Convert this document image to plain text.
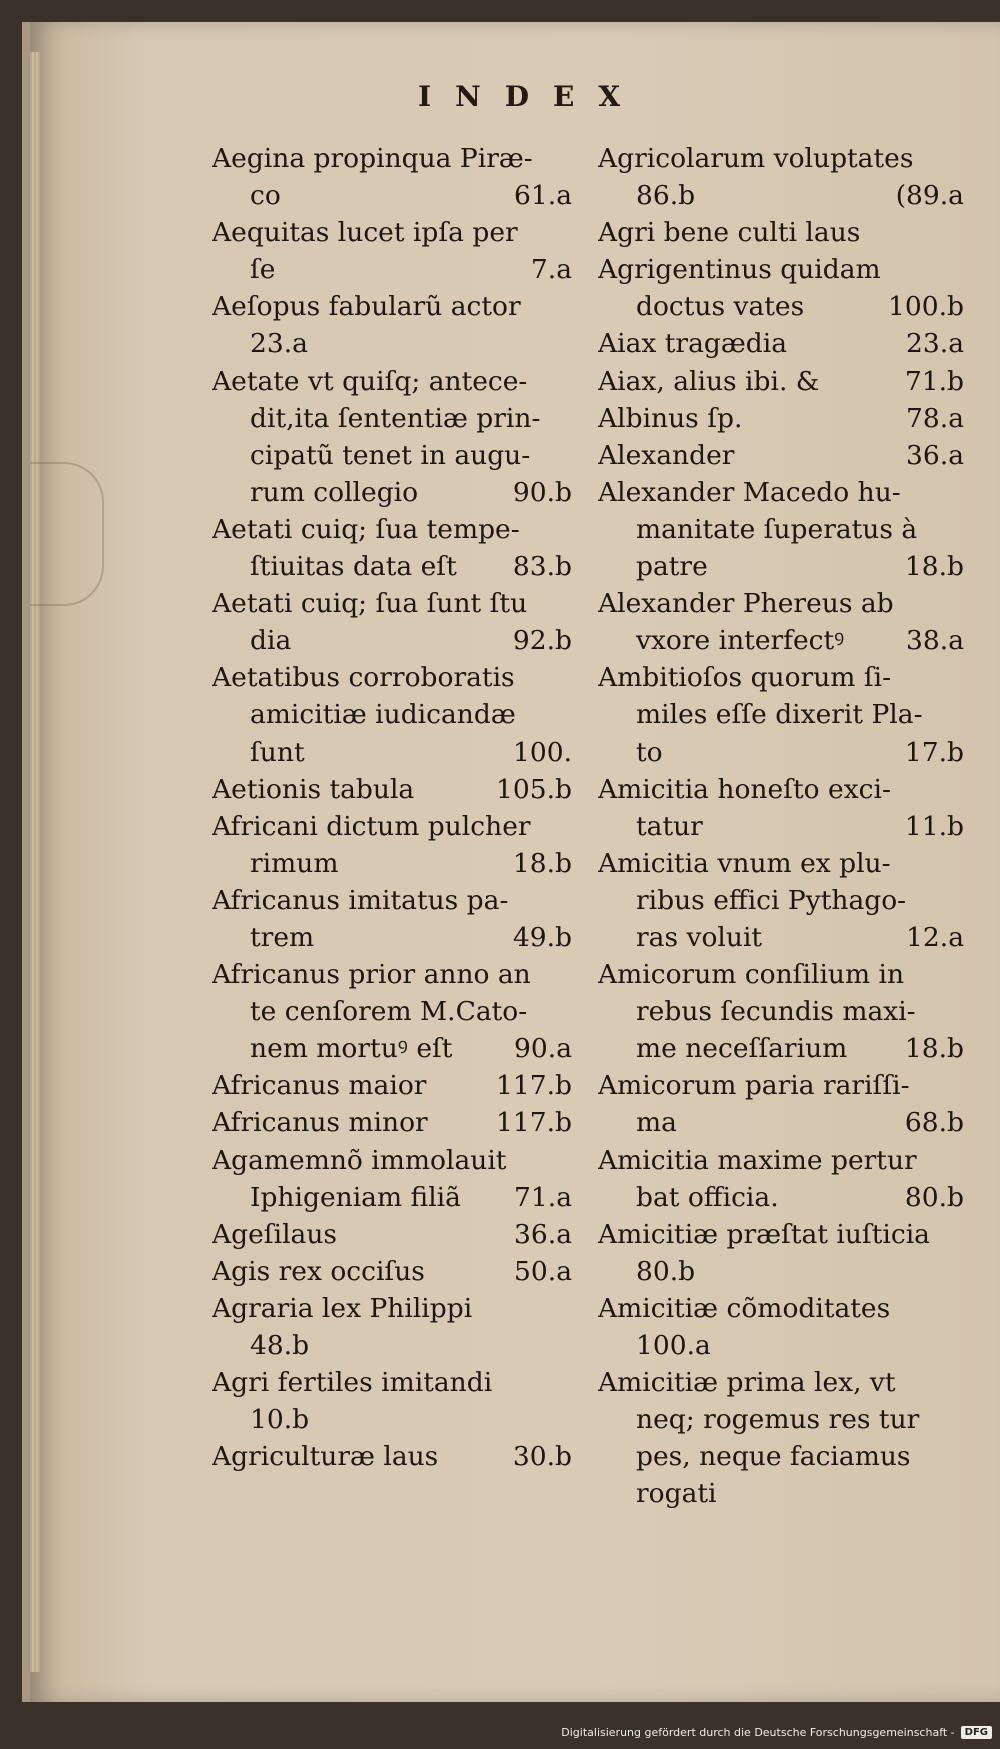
INDEX
Aegina propinqua Piræ-
co	61.a
Aequitas lucet ipſa per
ſe	7.a
Aeſopus fabularũ actor
23.a
Aetate vt quiſq; antece-
dit,ita ſententiæ prin-
cipatũ tenet in augu-
rum collegio	90.b
Aetati cuiq; ſua tempe-
ſtiuitas data eſt	83.b
Aetati cuiq; ſua ſunt ſtu
dia	92.b
Aetatibus corroboratis
amicitiæ iudicandæ
ſunt	100.
Aetionis tabula	105.b
Africani dictum pulcher
rimum	18.b
Africanus imitatus pa-
trem	49.b
Africanus prior anno an
te cenſorem M.Cato-
nem mortuꝰ eſt	90.a
Africanus maior	117.b
Africanus minor	117.b
Agamemnõ immolauit
Iphigeniam filiã	71.a
Ageſilaus	36.a
Agis rex occiſus	50.a
Agraria lex Philippi
48.b
Agri fertiles imitandi
10.b
Agriculturæ laus	30.b
Agricolarum voluptates
86.b	(89.a
Agri bene culti laus
Agrigentinus quidam
doctus vates	100.b
Aiax tragædia	23.a
Aiax, alius ibi. &	71.b
Albinus ſp.	78.a
Alexander	36.a
Alexander Macedo hu-
manitate ſuperatus à
patre	18.b
Alexander Phereus ab
vxore interfectꝰ	38.a
Ambitioſos quorum ſi-
miles eſſe dixerit Pla-
to	17.b
Amicitia honeſto exci-
tatur	11.b
Amicitia vnum ex plu-
ribus effici Pythago-
ras voluit	12.a
Amicorum conſilium in
rebus ſecundis maxi-
me neceſſarium	18.b
Amicorum paria rariſſi-
ma	68.b
Amicitia maxime pertur
bat officia.	80.b
Amicitiæ præſtat iuſticia
80.b
Amicitiæ cõmoditates
100.a
Amicitiæ prima lex, vt
neq; rogemus res tur
pes, neque faciamus
rogati
Digitalisierung gefördert durch die Deutsche Forschungsgemeinschaft -	DFG
